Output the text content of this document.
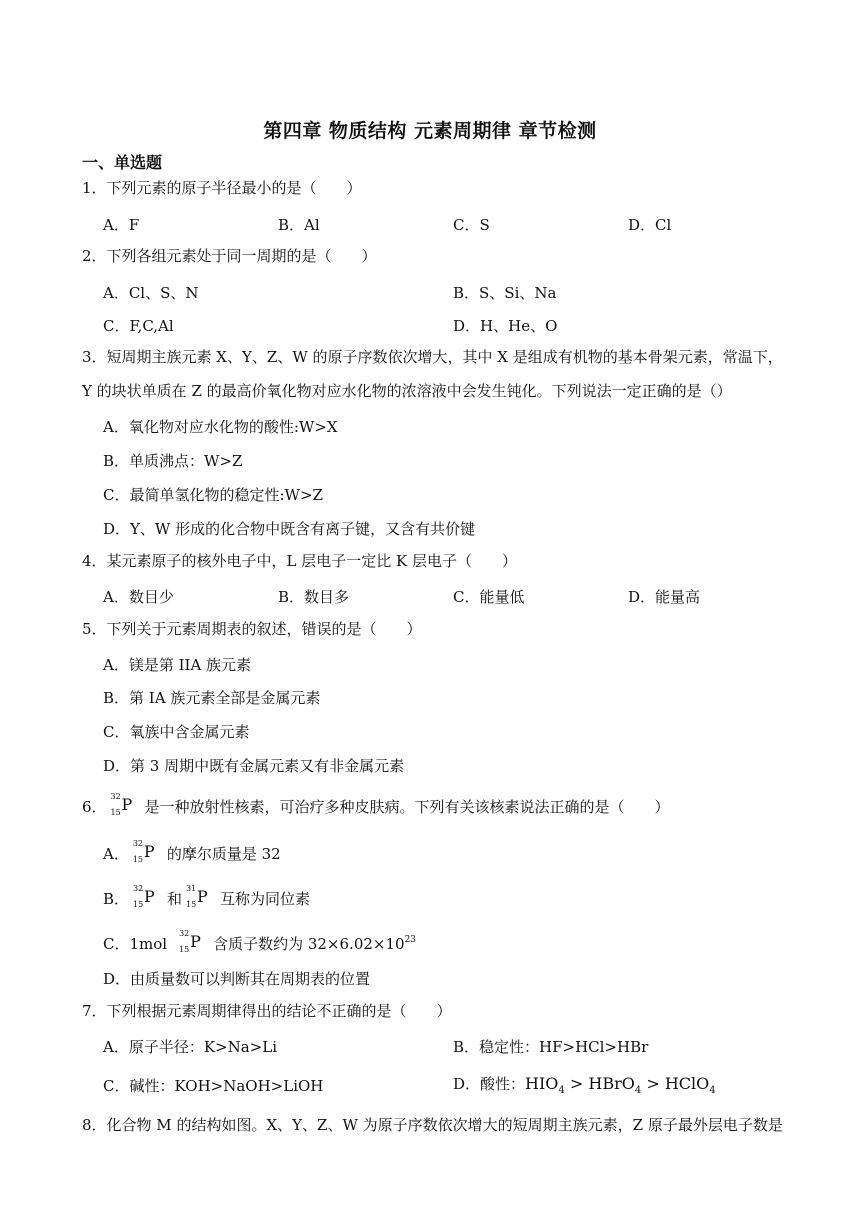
第四章 物质结构 元素周期律 章节检测
一、单选题
1．下列元素的原子半径最小的是（　　）
A．F	B．Al	C．S	D．Cl
2．下列各组元素处于同一周期的是（　　）
A．Cl、S、N	B．S、Si、Na
C．F,C,Al	D．H、He、O
3．短周期主族元素 X、Y、Z、W 的原子序数依次增大，其中 X 是组成有机物的基本骨架元素，常温下，
Y 的块状单质在 Z 的最高价氧化物对应水化物的浓溶液中会发生钝化。下列说法一定正确的是（）
A．氧化物对应水化物的酸性:W>X
B．单质沸点：W>Z
C．最简单氢化物的稳定性:W>Z
D．Y、W 形成的化合物中既含有离子键，又含有共价键
4．某元素原子的核外电子中，L 层电子一定比 K 层电子（　　）
A．数目少	B．数目多	C．能量低	D．能量高
5．下列关于元素周期表的叙述，错误的是（　　）
A．镁是第 IIA 族元素
B．第 IA 族元素全部是金属元素
C．氧族中含金属元素
D．第 3 周期中既有金属元素又有非金属元素
6．
32
15 P 是一种放射性核素，可治疗多种皮肤病。下列有关该核素说法正确的是（　　）
A．
32
15 P 的摩尔质量是 32
B．
32
15 P 和
31
15 P 互称为同位素
C．1mol
32
15 P 含质子数约为 $32\times 6.02\times 10^{23}$
D．由质量数可以判断其在周期表的位置
7．下列根据元素周期律得出的结论不正确的是（　　）
A．原子半径：K>Na>Li	B．稳定性：HF>HCl>HBr
C．碱性：KOH>NaOH>LiOH	D．酸性：$HIO_4$ > HBrO$_4$ > HClO$_4$
8．化合物 M 的结构如图。X、Y、Z、W 为原子序数依次增大的短周期主族元素，Z 原子最外层电子数是
